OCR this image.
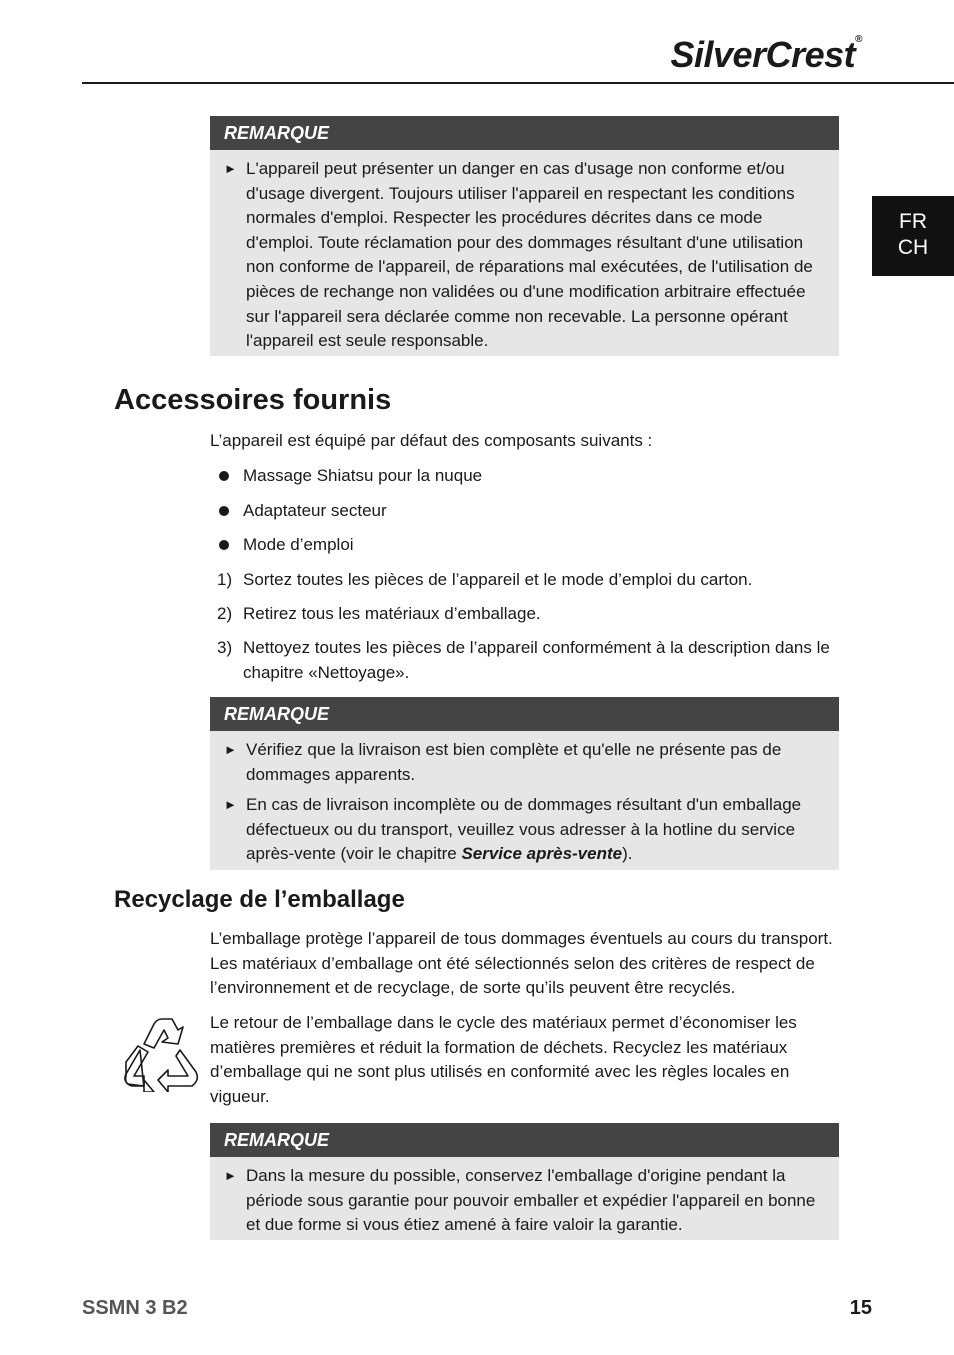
SilverCrest®
FR
CH
REMARQUE
► L'appareil peut présenter un danger en cas d'usage non conforme et/ou d'usage divergent. Toujours utiliser l'appareil en respectant les conditions normales d'emploi. Respecter les procédures décrites dans ce mode d'emploi. Toute réclamation pour des dommages résultant d'une utilisation non conforme de l'appareil, de réparations mal exécutées, de l'utilisation de pièces de rechange non validées ou d'une modification arbitraire effectuée sur l'appareil sera déclarée comme non recevable. La personne opérant l'appareil est seule responsable.
Accessoires fournis

L’appareil est équipé par défaut des composants suivants :

Massage Shiatsu pour la nuque
Adaptateur secteur
Mode d’emploi
1) Sortez toutes les pièces de l’appareil et le mode d’emploi du carton.
2) Retirez tous les matériaux d’emballage.
3) Nettoyez toutes les pièces de l’appareil conformément à la description dans le chapitre «Nettoyage».
REMARQUE
► Vérifiez que la livraison est bien complète et qu'elle ne présente pas de dommages apparents.
► En cas de livraison incomplète ou de dommages résultant d'un emballage défectueux ou du transport, veuillez vous adresser à la hotline du service après-vente (voir le chapitre Service après-vente).
Recyclage de l’emballage

L’emballage protège l’appareil de tous dommages éventuels au cours du transport. Les matériaux d’emballage ont été sélectionnés selon des critères de respect de l’environnement et de recyclage, de sorte qu’ils peuvent être recyclés.

Le retour de l’emballage dans le cycle des matériaux permet d’économiser les matières premières et réduit la formation de déchets. Recyclez les matériaux d’emballage qui ne sont plus utilisés en conformité avec les règles locales en vigueur.

REMARQUE
► Dans la mesure du possible, conservez l'emballage d'origine pendant la période sous garantie pour pouvoir emballer et expédier l'appareil en bonne et due forme si vous étiez amené à faire valoir la garantie.
SSMN 3 B2	15
